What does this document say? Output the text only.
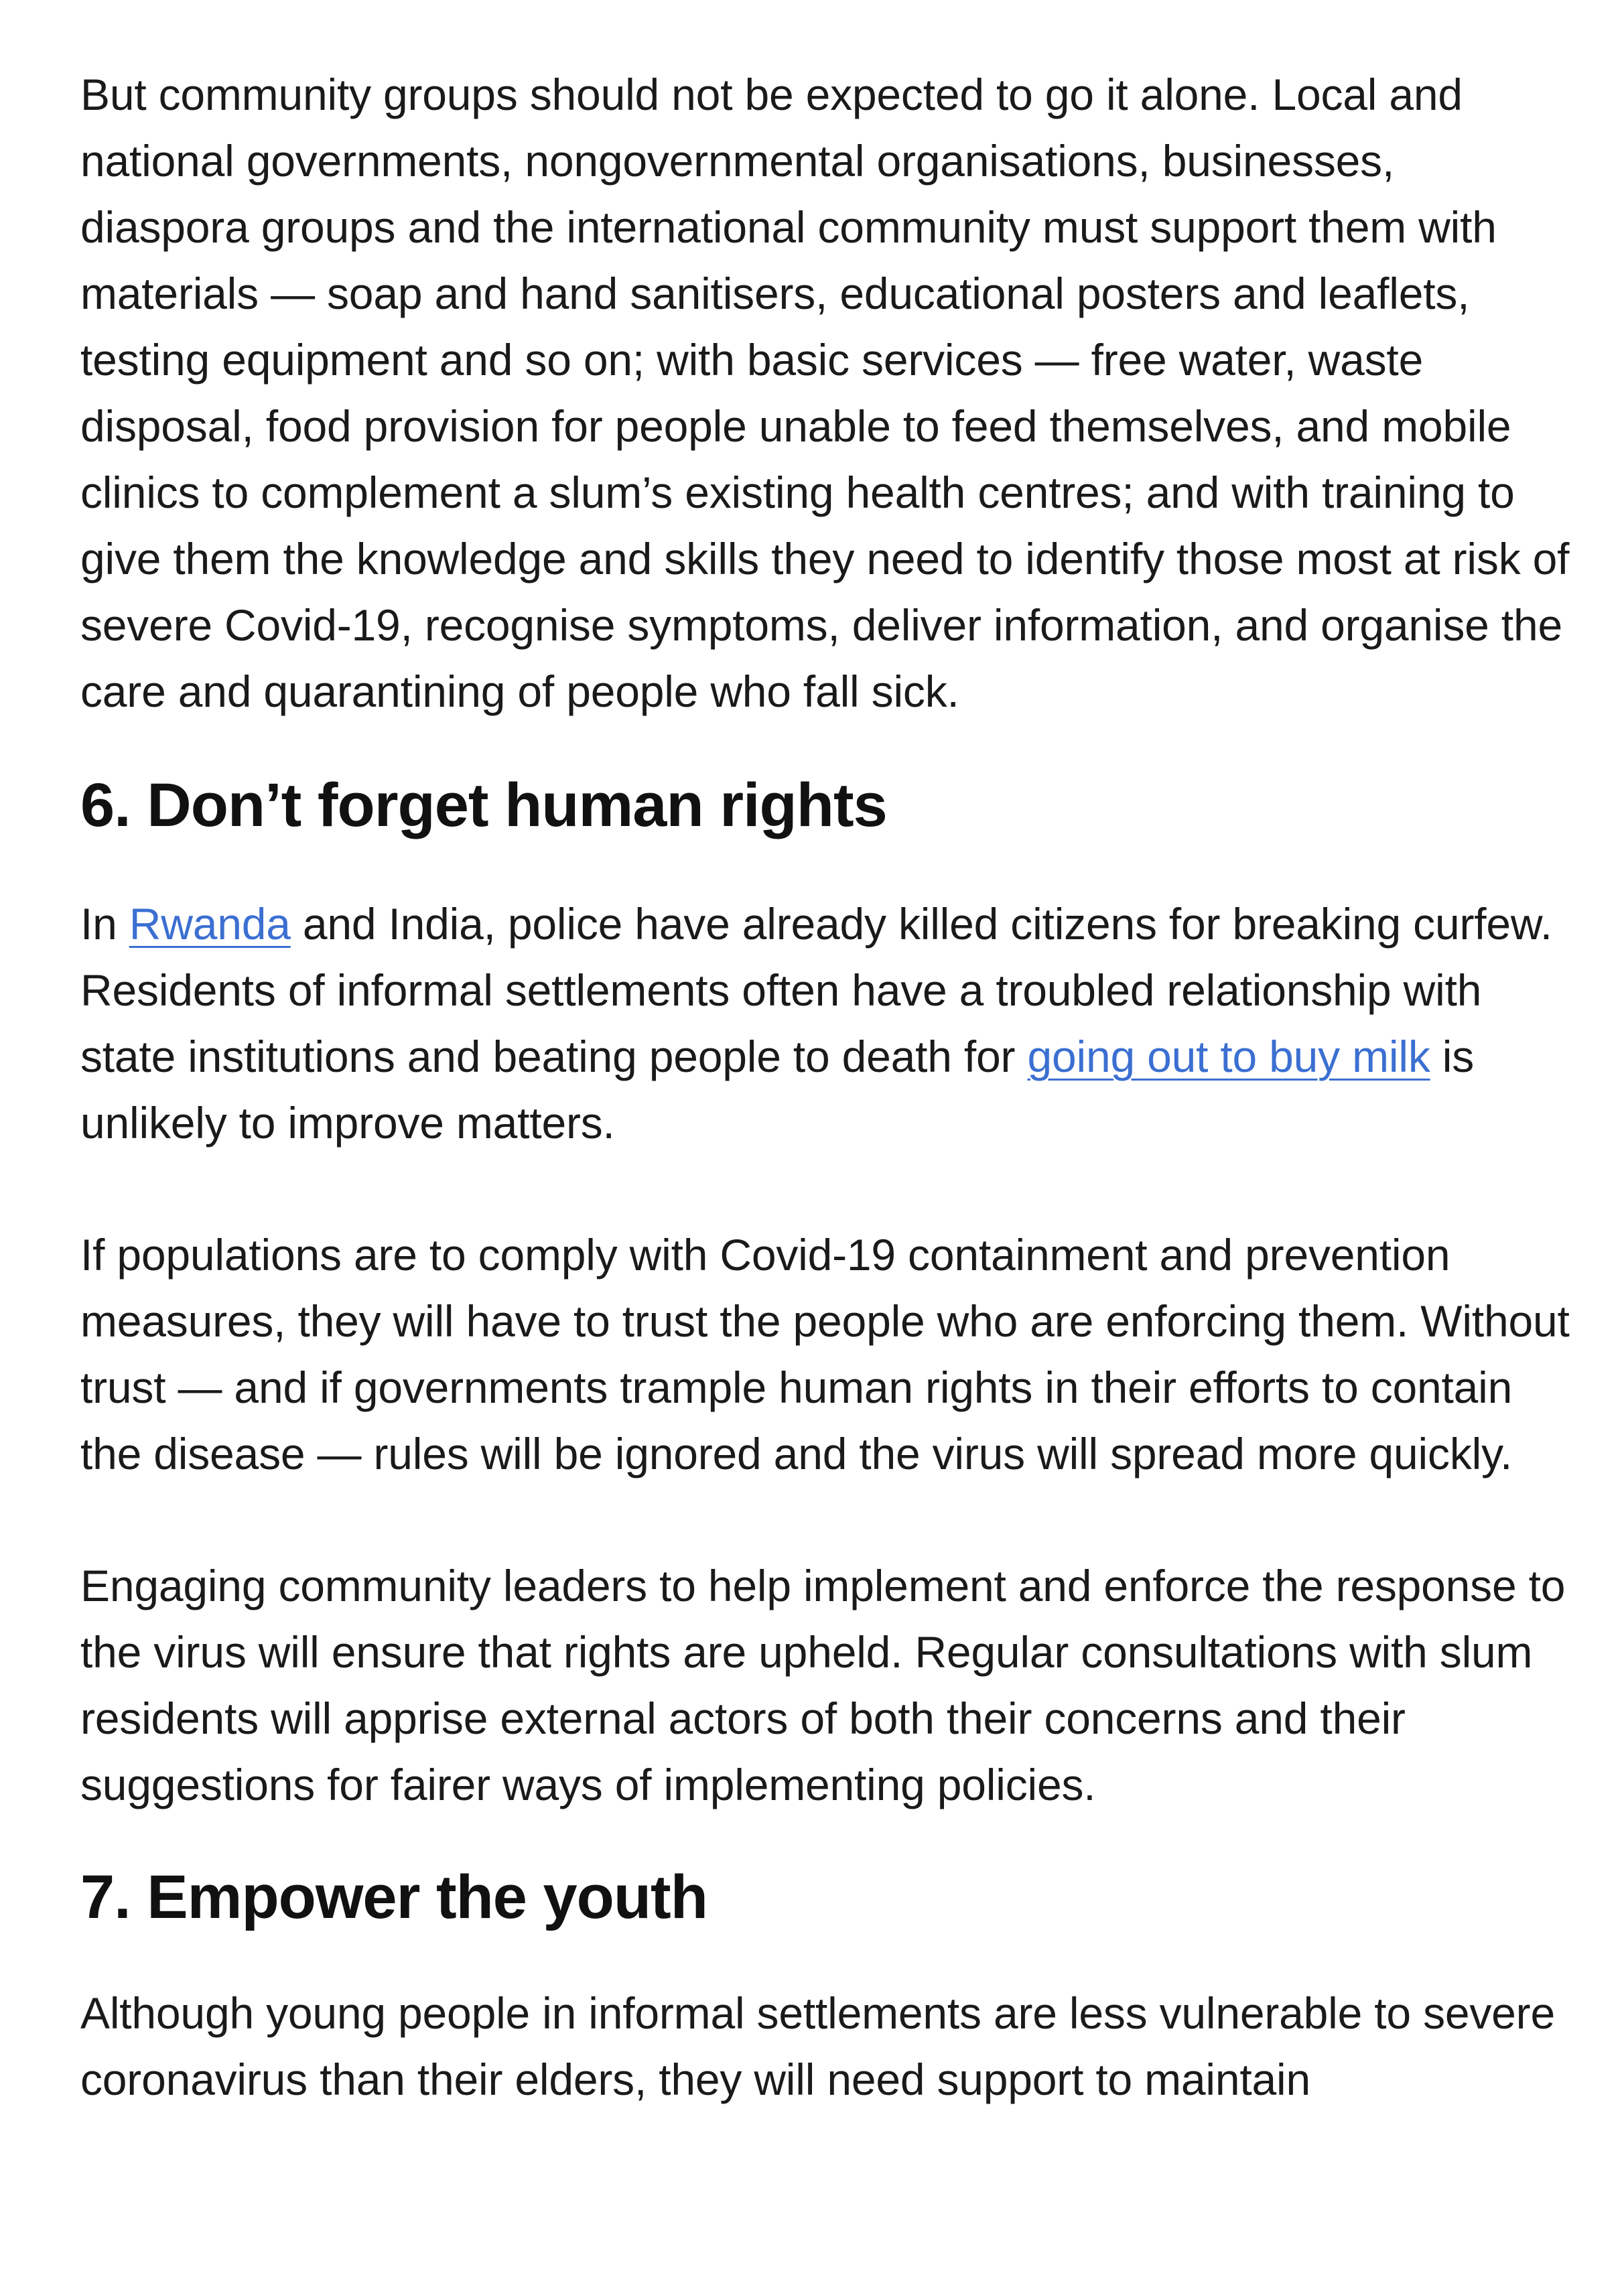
But community groups should not be expected to go it alone. Local and national governments, nongovernmental organisations, businesses, diaspora groups and the international community must support them with materials — soap and hand sanitisers, educational posters and leaflets, testing equipment and so on; with basic services — free water, waste disposal, food provision for people unable to feed themselves, and mobile clinics to complement a slum’s existing health centres; and with training to give them the knowledge and skills they need to identify those most at risk of severe Covid-19, recognise symptoms, deliver information, and organise the care and quarantining of people who fall sick.

6. Don’t forget human rights

In Rwanda and India, police have already killed citizens for breaking curfew. Residents of informal settlements often have a troubled relationship with state institutions and beating people to death for going out to buy milk is unlikely to improve matters.

If populations are to comply with Covid-19 containment and prevention measures, they will have to trust the people who are enforcing them. Without trust — and if governments trample human rights in their efforts to contain the disease — rules will be ignored and the virus will spread more quickly.

Engaging community leaders to help implement and enforce the response to the virus will ensure that rights are upheld. Regular consultations with slum residents will apprise external actors of both their concerns and their suggestions for fairer ways of implementing policies.

7. Empower the youth

Although young people in informal settlements are less vulnerable to severe coronavirus than their elders, they will need support to maintain
